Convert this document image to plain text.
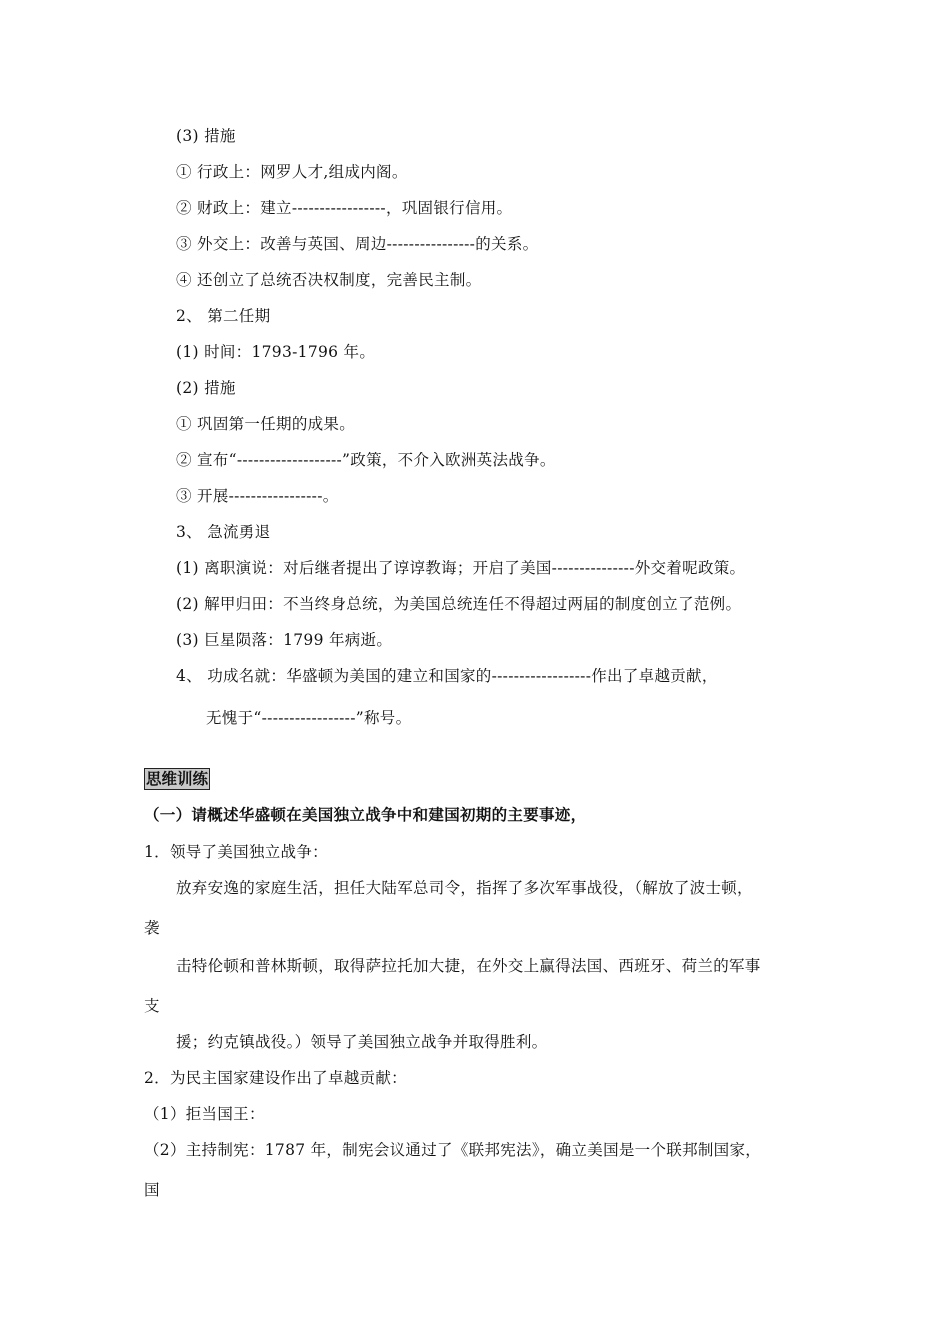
(3) 措施
① 行政上：网罗人才,组成内阁。
② 财政上：建立-----------------，巩固银行信用。
③ 外交上：改善与英国、周边----------------的关系。
④ 还创立了总统否决权制度，完善民主制。
2、 第二任期
(1) 时间：1793-1796 年。
(2) 措施
① 巩固第一任期的成果。
② 宣布“-------------------”政策，不介入欧洲英法战争。
③ 开展-----------------。
3、 急流勇退
(1) 离职演说：对后继者提出了谆谆教诲；开启了美国---------------外交着呢政策。
(2) 解甲归田：不当终身总统，为美国总统连任不得超过两届的制度创立了范例。
(3) 巨星陨落：1799 年病逝。
4、 功成名就：华盛顿为美国的建立和国家的------------------作出了卓越贡献，
无愧于“-----------------”称号。
思维训练
（一）请概述华盛顿在美国独立战争中和建国初期的主要事迹，
1．领导了美国独立战争：
放弃安逸的家庭生活，担任大陆军总司令，指挥了多次军事战役，（解放了波士顿，
袭
击特伦顿和普林斯顿，取得萨拉托加大捷，在外交上赢得法国、西班牙、荷兰的军事
支
援；约克镇战役。）领导了美国独立战争并取得胜利。
2．为民主国家建设作出了卓越贡献：
（1）拒当国王：
（2）主持制宪：1787 年，制宪会议通过了《联邦宪法》，确立美国是一个联邦制国家，
国
